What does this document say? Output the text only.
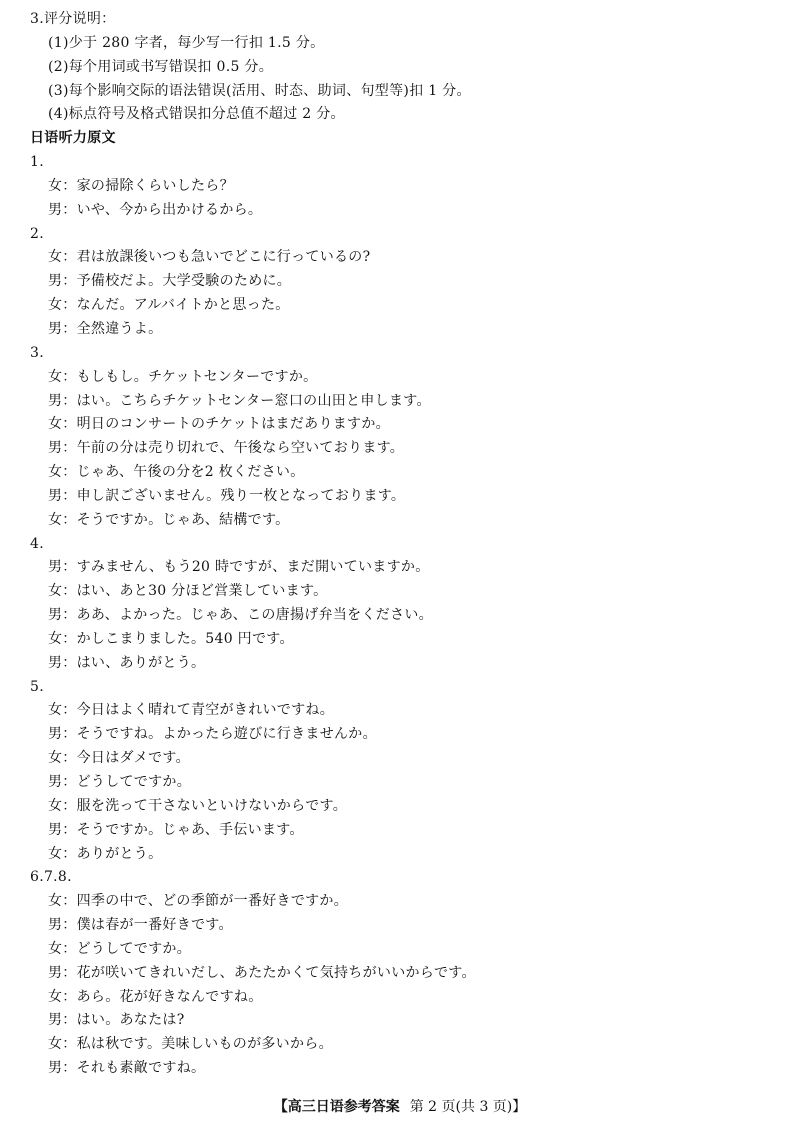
3.评分说明：
(1)少于 280 字者，每少写一行扣 1.5 分。
(2)每个用词或书写错误扣 0.5 分。
(3)每个影响交际的语法错误(活用、时态、助词、句型等)扣 1 分。
(4)标点符号及格式错误扣分总值不超过 2 分。
日语听力原文
1.
女：家の掃除くらいしたら？
男：いや、今から出かけるから。
2.
女：君は放課後いつも急いでどこに行っているの?
男：予備校だよ。大学受験のために。
女：なんだ。アルバイトかと思った。
男：全然違うよ。
3.
女：もしもし。チケットセンターですか。
男：はい。こちらチケットセンター窓口の山田と申します。
女：明日のコンサートのチケットはまだありますか。
男：午前の分は売り切れで、午後なら空いております。
女：じゃあ、午後の分を2 枚ください。
男：申し訳ございません。残り一枚となっております。
女：そうですか。じゃあ、結構です。
4.
男：すみません、もう20 時ですが、まだ開いていますか。
女：はい、あと30 分ほど営業しています。
男：ああ、よかった。じゃあ、この唐揚げ弁当をください。
女：かしこまりました。540 円です。
男：はい、ありがとう。
5.
女：今日はよく晴れて青空がきれいですね。
男：そうですね。よかったら遊びに行きませんか。
女：今日はダメです。
男：どうしてですか。
女：服を洗って干さないといけないからです。
男：そうですか。じゃあ、手伝います。
女：ありがとう。
6.7.8.
女：四季の中で、どの季節が一番好きですか。
男：僕は春が一番好きです。
女：どうしてですか。
男：花が咲いてきれいだし、あたたかくて気持ちがいいからです。
女：あら。花が好きなんですね。
男：はい。あなたは?
女：私は秋です。美味しいものが多いから。
男：それも素敵ですね。
【高三日语参考答案 第 2 页(共 3 页)】
